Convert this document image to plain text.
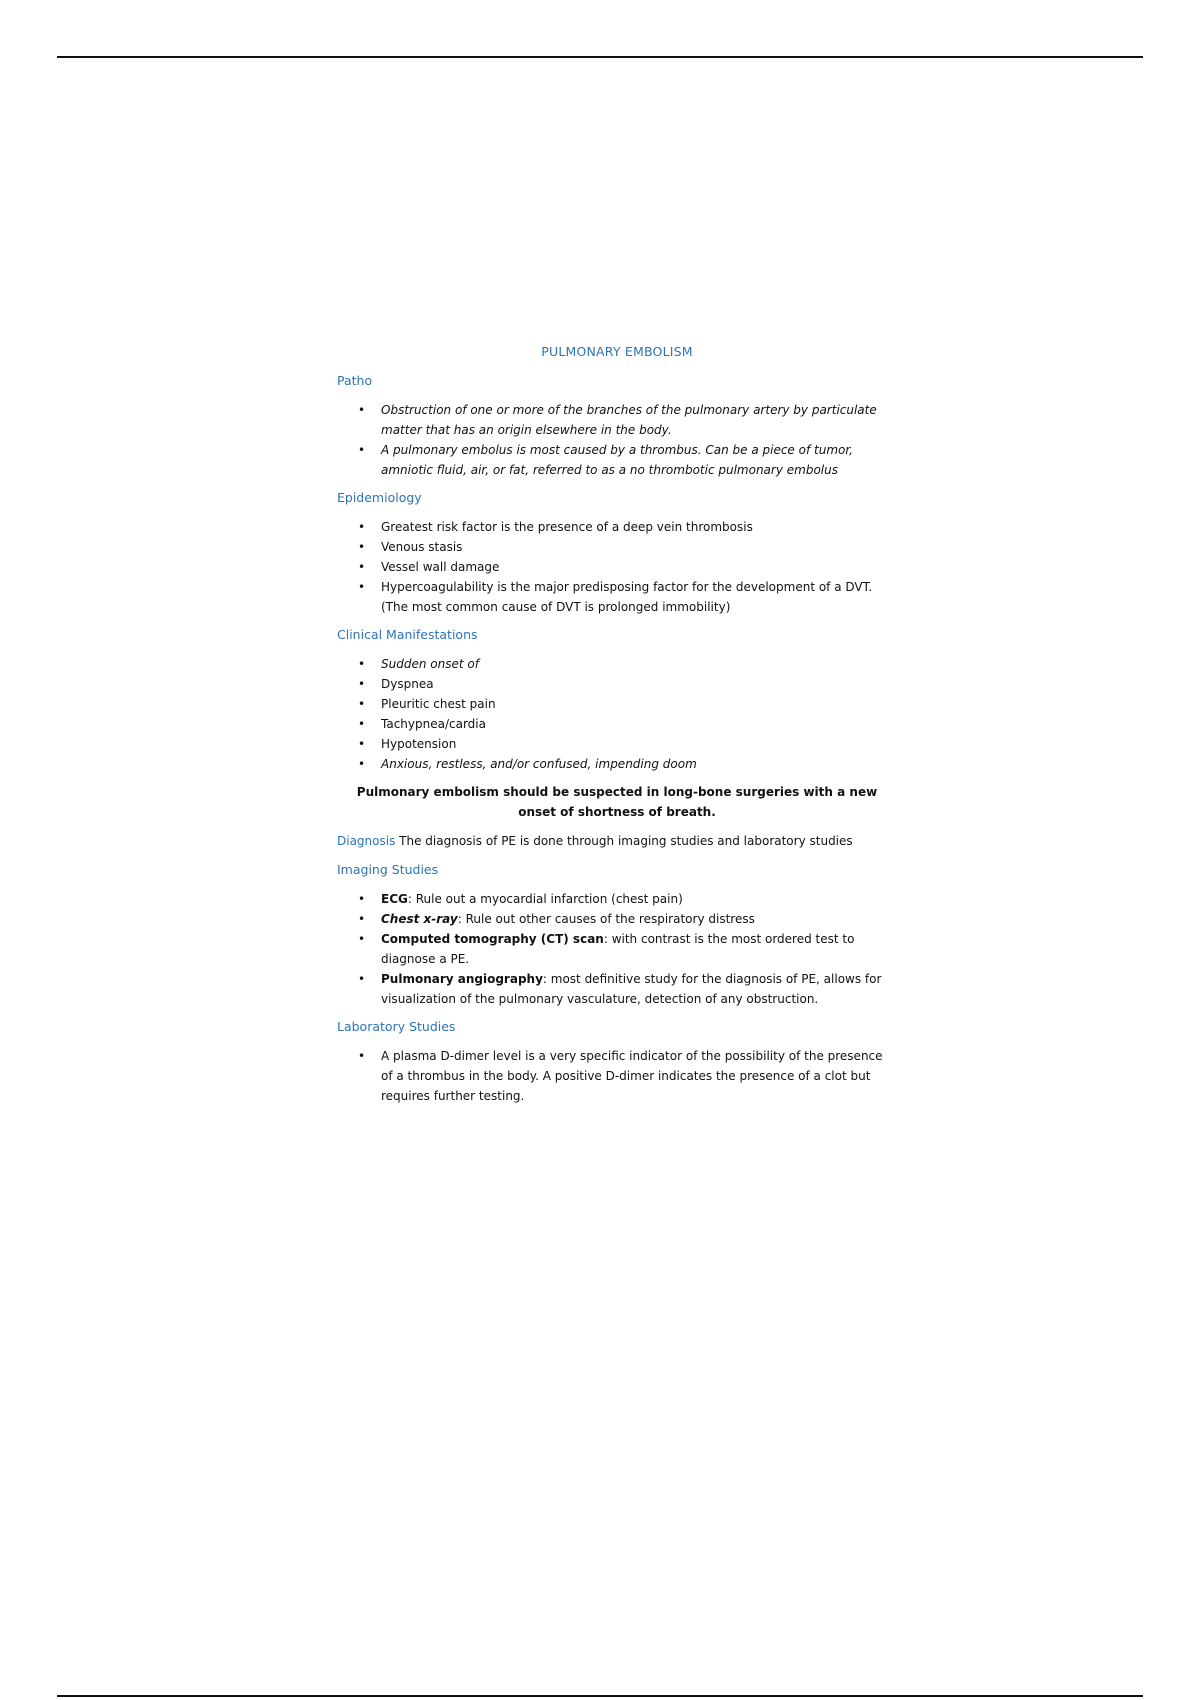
PULMONARY EMBOLISM
Patho
• Obstruction of one or more of the branches of the pulmonary artery by particulate matter that has an origin elsewhere in the body.
• A pulmonary embolus is most caused by a thrombus. Can be a piece of tumor, amniotic fluid, air, or fat, referred to as a no thrombotic pulmonary embolus
Epidemiology
• Greatest risk factor is the presence of a deep vein thrombosis
• Venous stasis
• Vessel wall damage
• Hypercoagulability is the major predisposing factor for the development of a DVT. (The most common cause of DVT is prolonged immobility)
Clinical Manifestations
• Sudden onset of
• Dyspnea
• Pleuritic chest pain
• Tachypnea/cardia
• Hypotension
• Anxious, restless, and/or confused, impending doom
Pulmonary embolism should be suspected in long-bone surgeries with a new onset of shortness of breath.
Diagnosis The diagnosis of PE is done through imaging studies and laboratory studies
Imaging Studies
• ECG: Rule out a myocardial infarction (chest pain)
• Chest x-ray: Rule out other causes of the respiratory distress
• Computed tomography (CT) scan: with contrast is the most ordered test to diagnose a PE.
• Pulmonary angiography: most definitive study for the diagnosis of PE, allows for visualization of the pulmonary vasculature, detection of any obstruction.
Laboratory Studies
• A plasma D-dimer level is a very specific indicator of the possibility of the presence of a thrombus in the body. A positive D-dimer indicates the presence of a clot but requires further testing.
